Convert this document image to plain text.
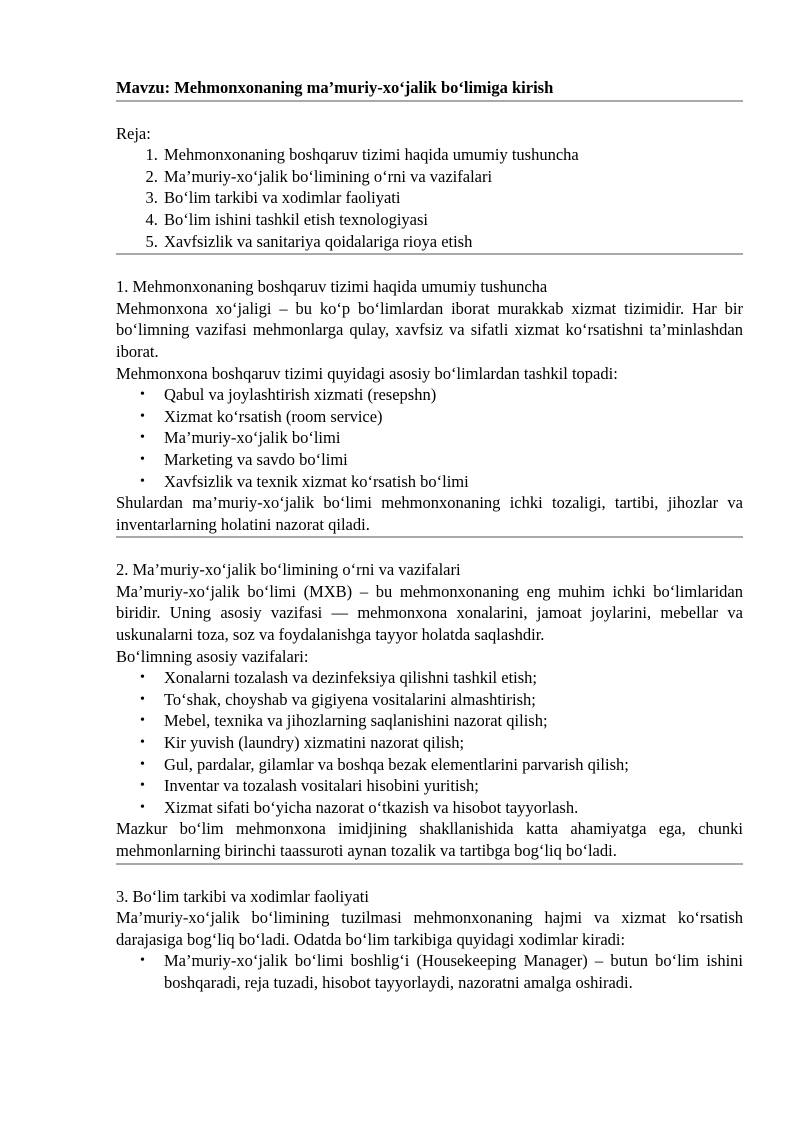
Mavzu: Mehmonxonaning ma’muriy-xo‘jalik bo‘limiga kirish
Reja:
1. Mehmonxonaning boshqaruv tizimi haqida umumiy tushuncha
2. Ma’muriy-xo‘jalik bo‘limining o‘rni va vazifalari
3. Bo‘lim tarkibi va xodimlar faoliyati
4. Bo‘lim ishini tashkil etish texnologiyasi
5. Xavfsizlik va sanitariya qoidalariga rioya etish

1. Mehmonxonaning boshqaruv tizimi haqida umumiy tushuncha

Mehmonxona xo‘jaligi – bu ko‘p bo‘limlardan iborat murakkab xizmat tizimidir. Har bir bo‘limning vazifasi mehmonlarga qulay, xavfsiz va sifatli xizmat ko‘rsatishni ta’minlashdan iborat.

Mehmonxona boshqaruv tizimi quyidagi asosiy bo‘limlardan tashkil topadi:

• Qabul va joylashtirish xizmati (resepshn)
• Xizmat ko‘rsatish (room service)
• Ma’muriy-xo‘jalik bo‘limi
• Marketing va savdo bo‘limi
• Xavfsizlik va texnik xizmat ko‘rsatish bo‘limi

Shulardan ma’muriy-xo‘jalik bo‘limi mehmonxonaning ichki tozaligi, tartibi, jihozlar va inventarlarning holatini nazorat qiladi.

2. Ma’muriy-xo‘jalik bo‘limining o‘rni va vazifalari

Ma’muriy-xo‘jalik bo‘limi (MXB) – bu mehmonxonaning eng muhim ichki bo‘limlaridan biridir. Uning asosiy vazifasi — mehmonxona xonalarini, jamoat joylarini, mebellar va uskunalarni toza, soz va foydalanishga tayyor holatda saqlashdir.

Bo‘limning asosiy vazifalari:

• Xonalarni tozalash va dezinfeksiya qilishni tashkil etish;
• To‘shak, choyshab va gigiyena vositalarini almashtirish;
• Mebel, texnika va jihozlarning saqlanishini nazorat qilish;
• Kir yuvish (laundry) xizmatini nazorat qilish;
• Gul, pardalar, gilamlar va boshqa bezak elementlarini parvarish qilish;
• Inventar va tozalash vositalari hisobini yuritish;
• Xizmat sifati bo‘yicha nazorat o‘tkazish va hisobot tayyorlash.

Mazkur bo‘lim mehmonxona imidjining shakllanishida katta ahamiyatga ega, chunki mehmonlarning birinchi taassuroti aynan tozalik va tartibga bog‘liq bo‘ladi.

3. Bo‘lim tarkibi va xodimlar faoliyati

Ma’muriy-xo‘jalik bo‘limining tuzilmasi mehmonxonaning hajmi va xizmat ko‘rsatish darajasiga bog‘liq bo‘ladi. Odatda bo‘lim tarkibiga quyidagi xodimlar kiradi:

• Ma’muriy-xo‘jalik bo‘limi boshlig‘i (Housekeeping Manager) – butun bo‘lim ishini boshqaradi, reja tuzadi, hisobot tayyorlaydi, nazoratni amalga oshiradi.
